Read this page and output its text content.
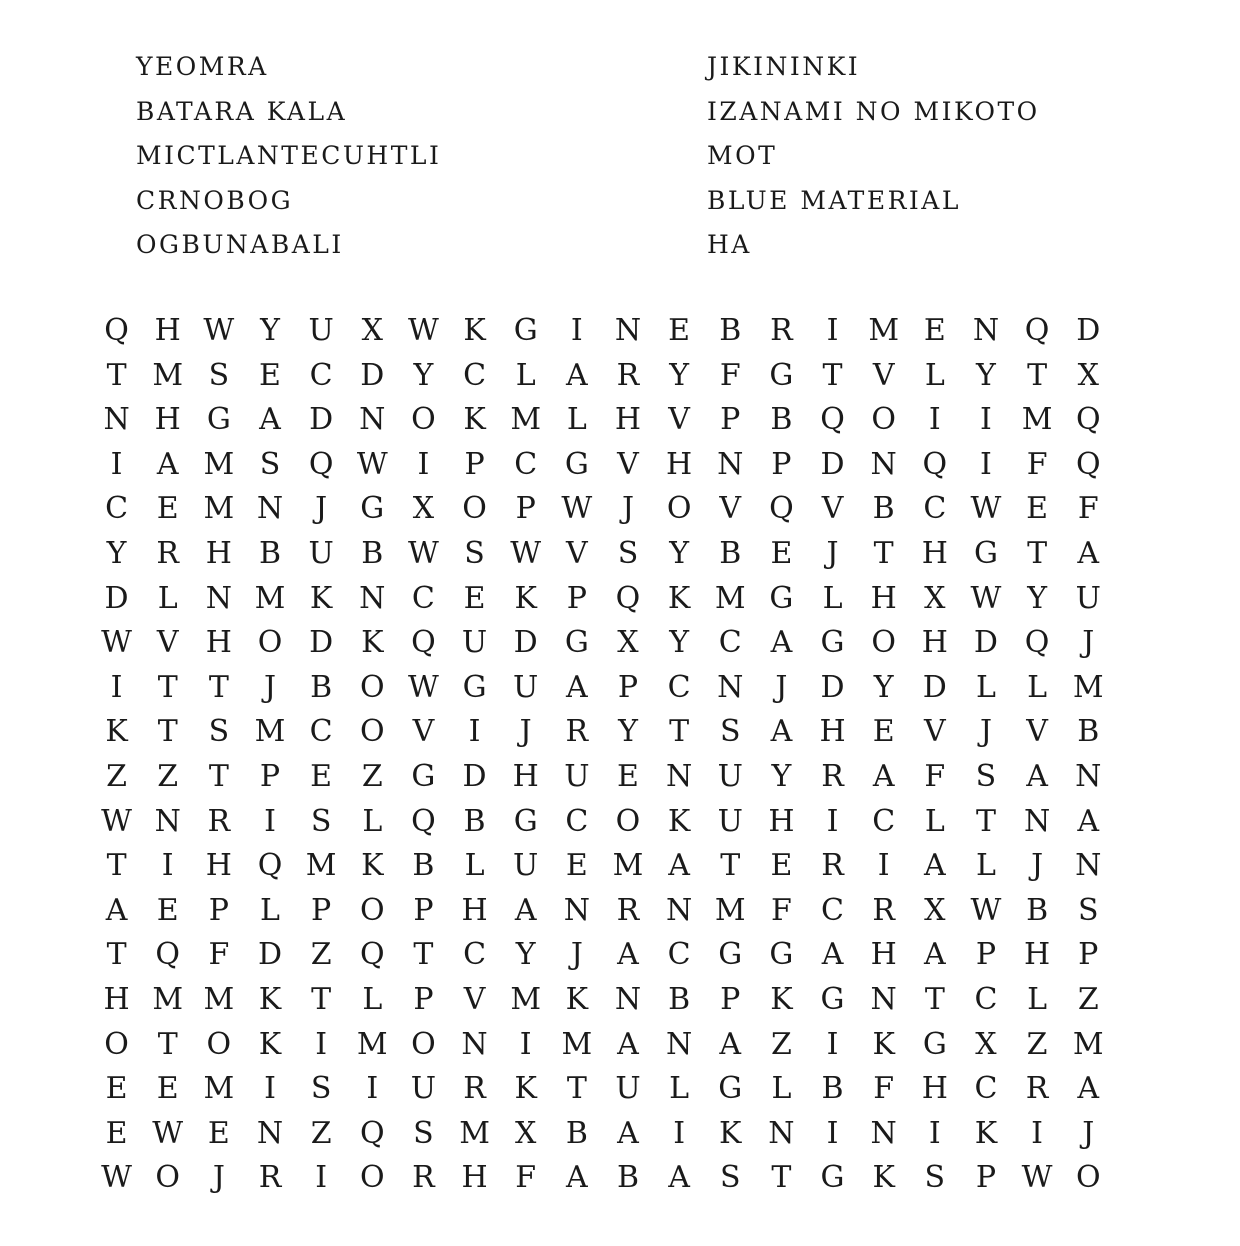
YEOMRA
BATARA KALA
MICTLANTECUHTLI
CRNOBOG
OGBUNABALI
JIKININKI
IZANAMI NO MIKOTO
MOT
BLUE MATERIAL
HA
Q H W Y U X W K G	I	N E B R	I M E N Q D
T M S E C D Y C L	A R Y	F G T	V	L	Y	T	X
N H G A D N O K M L H V	P	B Q O	I	I M Q
I	A M S Q W I	P C G V H N P D N Q	I	F Q
C E M N	J	G X O P W J	O V Q V B C W E F
Y R H B U B W S W V	S	Y	B E	J	T H G T	A
D L N M K N C E K P Q K M G L H X W Y U
W V H O D K Q U D G X	Y C A G O H D Q	J
I	T	T	J	B O W G U A	P C N	J	D Y D L	L M
K T	S M C O V	I	J	R Y	T	S	A H E V	J	V B
Z	Z	T	P	E Z G D H U E N U Y R A F	S	A N
W N R	I	S	L Q B G C O K U H	I	C L	T N A
T	I	H Q M K B	L U E M A	T	E R	I	A	L	J	N
A E	P	L	P O P H A N R N M F C R X W B S
T Q F D Z Q T C Y	J	A C G G A H A	P H P
H M M K T	L	P	V M K N B	P K G N T C L	Z
O T O K	I M O N	I M A N A Z	I	K G X	Z M
E E M I	S	I	U R K T U L G L	B F H C R A
E W E N Z Q S M X B A	I	K N	I	N	I	K	I	J
W O	J	R	I	O R H F A B A	S	T G K S	P W O
